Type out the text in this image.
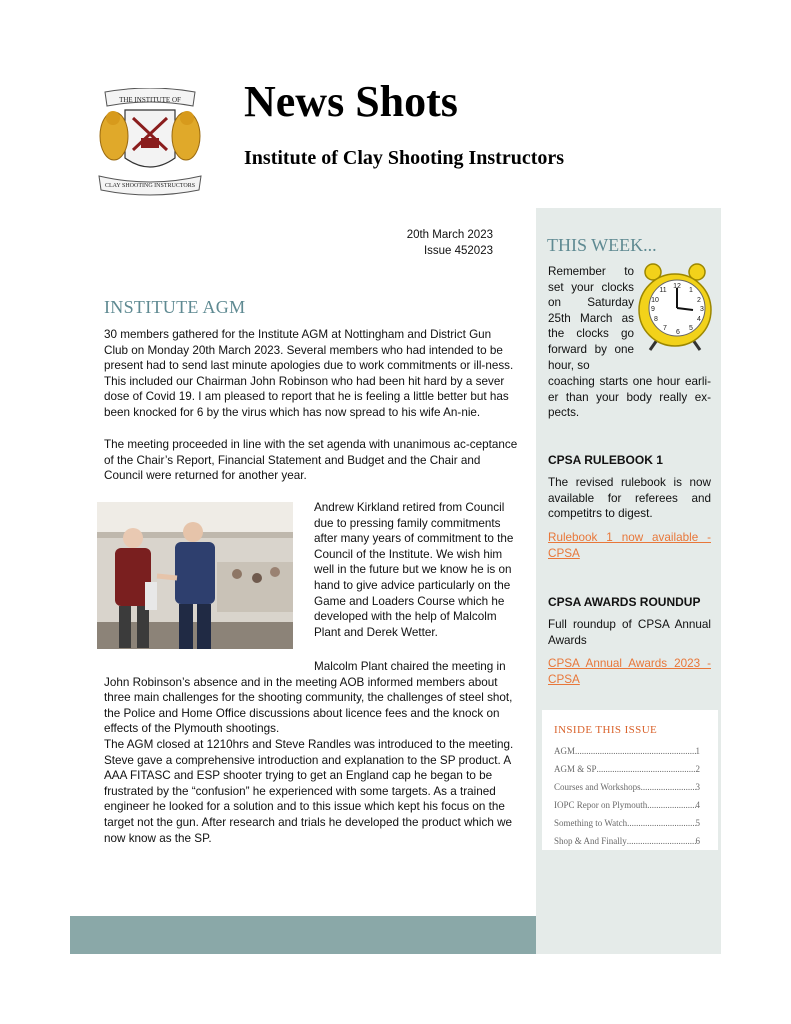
THE INSTITUTE OF
CLAY SHOOTING INSTRUCTORS
News Shots
Institute of Clay Shooting Instructors
20th March 2023
Issue 452023	THIS WEEK...
Remember to set your clocks on Saturday 25th March as the clocks go forward by one hour, so
12
1
2
3
4
5
6
7
8
9
10
11
coaching starts one hour earli-er than your body really ex-pects.
CPSA RULEBOOK 1
The revised rulebook is now available for referees and competitrs to digest.
Rulebook 1 now available - CPSA
CPSA AWARDS ROUNDUP
Full roundup of CPSA Annual Awards
CPSA Annual Awards 2023 - CPSA
INSIDE THIS ISSUE
AGM .....	1
AGM & SP .....	2
Courses and Workshops .....	3
IOPC Repor on Plymouth .....	4
Something to Watch .....	5
Shop & And Finally .....	6
INSTITUTE AGM
30 members gathered for the Institute AGM at Nottingham and District Gun Club on Monday 20th March 2023. Several members who had intended to be present had to send last minute apologies due to work commitments or ill-ness. This included our Chairman John Robinson who had been hit hard by a sever dose of Covid 19. I am pleased to report that he is feeling a little better but has been knocked for 6 by the virus which has now spread to his wife An-nie.
The meeting proceeded in line with the set agenda with unanimous ac-ceptance of the Chair’s Report, Financial Statement and Budget and the Chair and Council were returned for another year.
Andrew Kirkland retired from Council due to pressing family commitments after many years of commitment to the Council of the Institute. We wish him well in the future but we know he is on hand to give advice particularly on the Game and Loaders Course which he developed with the help of Malcolm Plant and Derek Wetter.
Malcolm Plant chaired the meeting in
John Robinson’s absence and in the meeting AOB informed members about three main challenges for the shooting community, the challenges of steel shot, the Police and Home Office discussions about licence fees and the knock on effects of the Plymouth shootings.
The AGM closed at 1210hrs and Steve Randles was introduced to the meeting. Steve gave a comprehensive introduction and explanation to the SP product. A AAA FITASC and ESP shooter trying to get an England cap he began to be frustrated by the “confusion” he experienced with some targets. As a trained engineer he looked for a solution and to this issue which kept his focus on the target not the gun. After research and trials he developed the product which we now know as the SP.
